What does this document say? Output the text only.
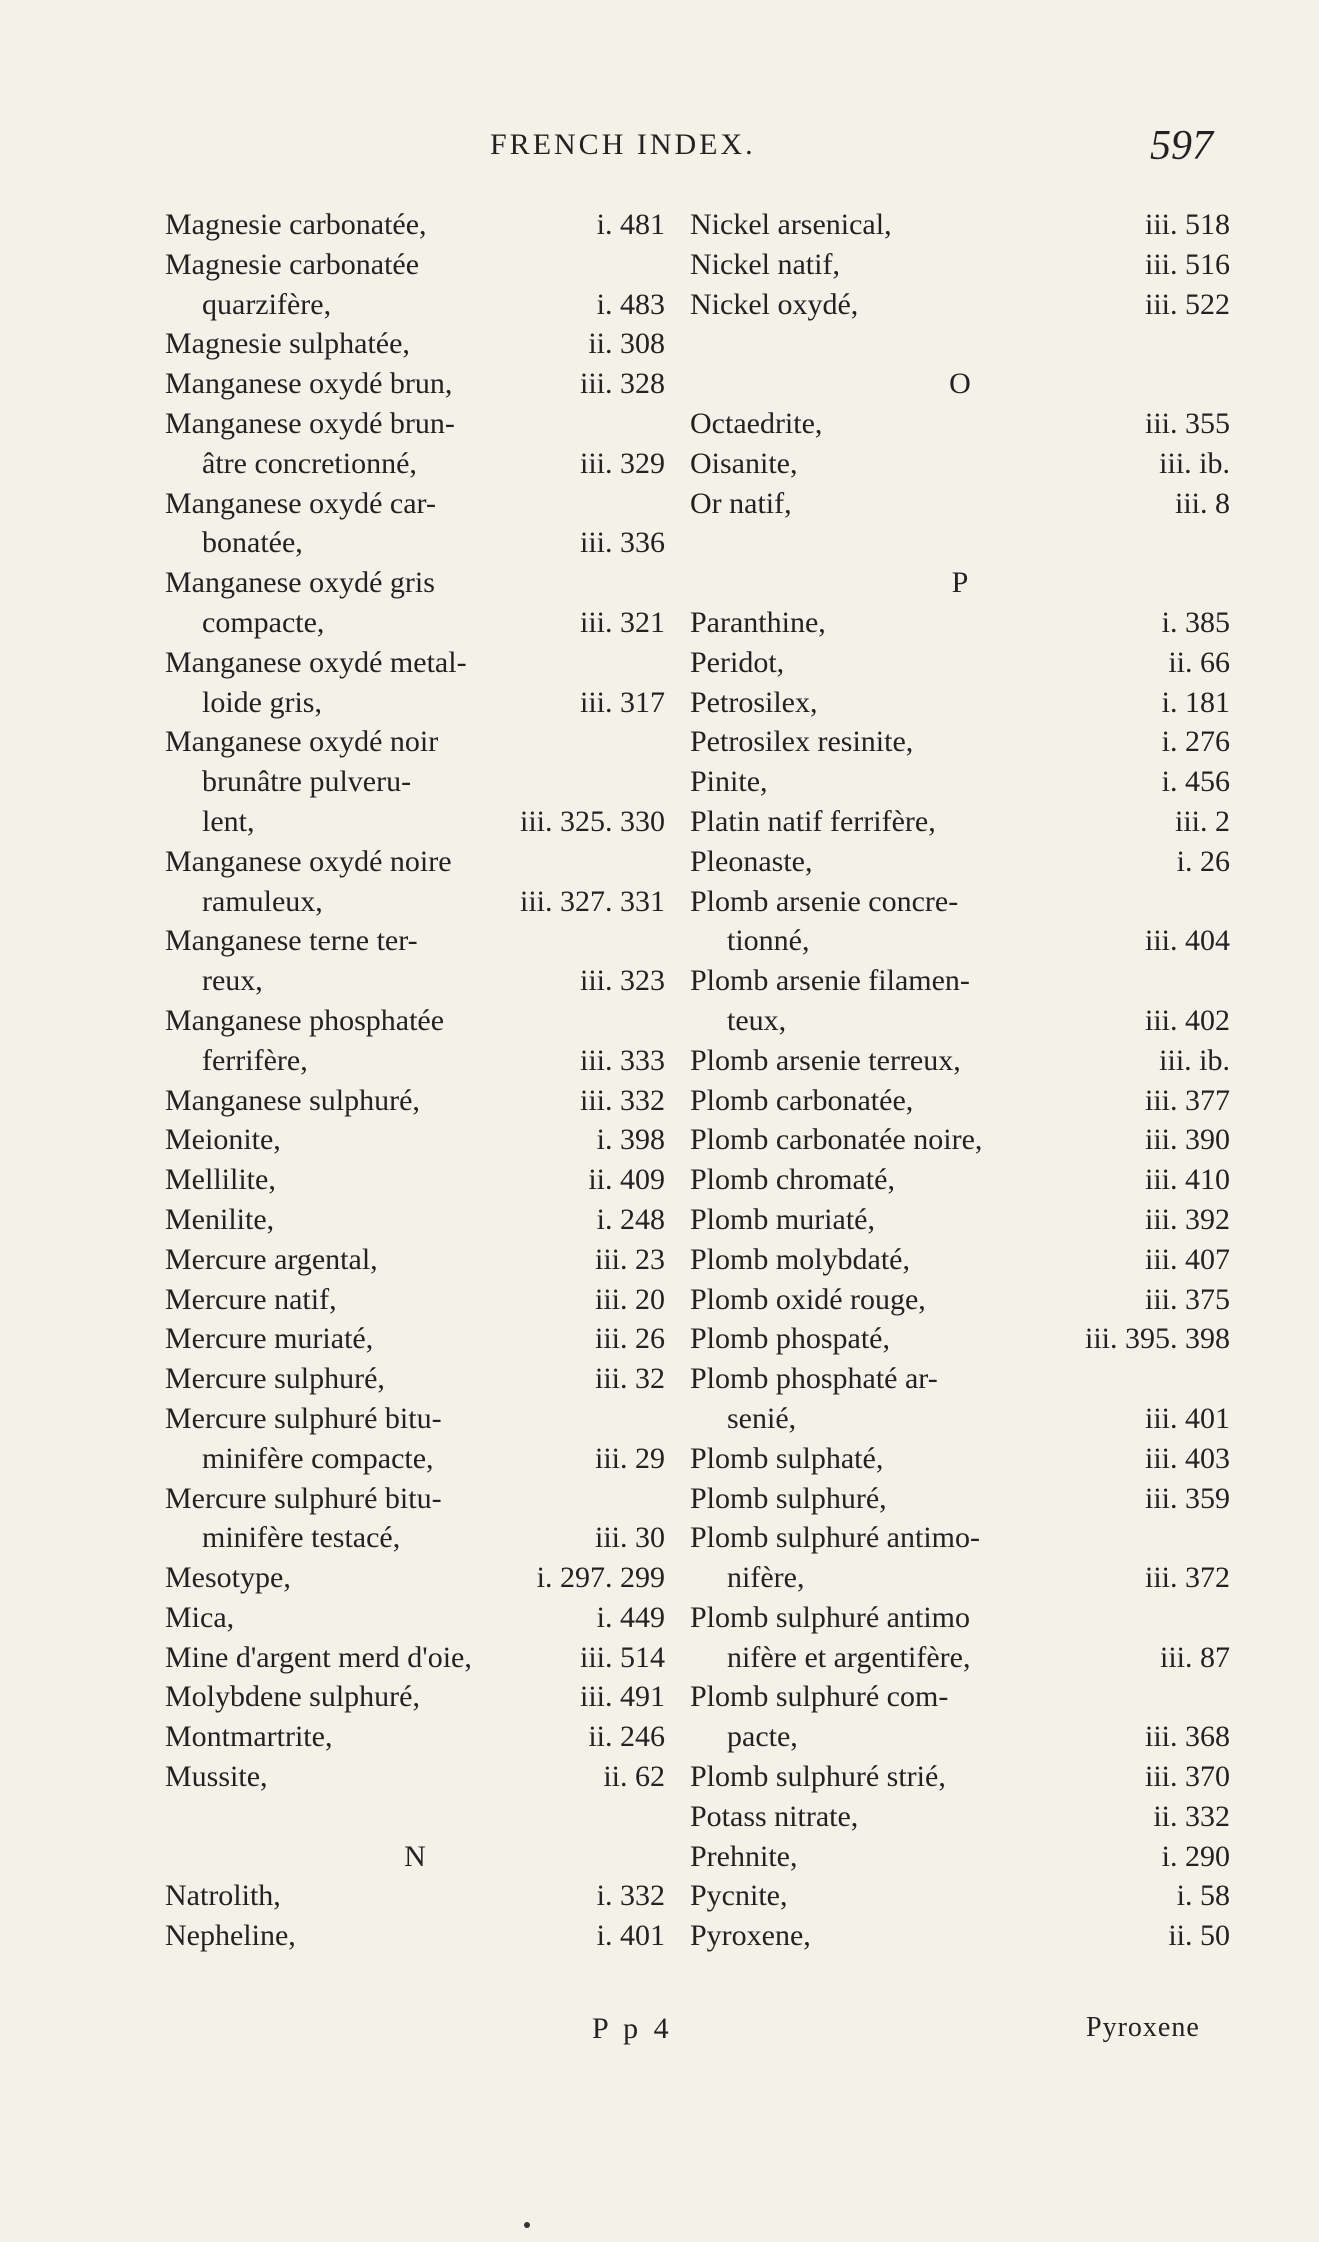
FRENCH INDEX.	597
Magnesie carbonatée,	i. 481
Magnesie carbonatée
quarzifère,	i. 483
Magnesie sulphatée,	ii. 308
Manganese oxydé brun,	iii. 328
Manganese oxydé brun-
âtre concretionné,	iii. 329
Manganese oxydé car-
bonatée,	iii. 336
Manganese oxydé gris
compacte,	iii. 321
Manganese oxydé metal-
loide gris,	iii. 317
Manganese oxydé noir
brunâtre pulveru-
lent,	iii. 325. 330
Manganese oxydé noire
ramuleux,	iii. 327. 331
Manganese terne ter-
reux,	iii. 323
Manganese phosphatée
ferrifère,	iii. 333
Manganese sulphuré,	iii. 332
Meionite,	i. 398
Mellilite,	ii. 409
Menilite,	i. 248
Mercure argental,	iii. 23
Mercure natif,	iii. 20
Mercure muriaté,	iii. 26
Mercure sulphuré,	iii. 32
Mercure sulphuré bitu-
minifère compacte,	iii. 29
Mercure sulphuré bitu-
minifère testacé,	iii. 30
Mesotype,	i. 297. 299
Mica,	i. 449
Mine d'argent merd d'oie,	iii. 514
Molybdene sulphuré,	iii. 491
Montmartrite,	ii. 246
Mussite,	ii. 62
N
Natrolith,	i. 332
Nepheline,	i. 401
Nickel arsenical,	iii. 518
Nickel natif,	iii. 516
Nickel oxydé,	iii. 522
O
Octaedrite,	iii. 355
Oisanite,	iii. ib.
Or natif,	iii. 8
P
Paranthine,	i. 385
Peridot,	ii. 66
Petrosilex,	i. 181
Petrosilex resinite,	i. 276
Pinite,	i. 456
Platin natif ferrifère,	iii. 2
Pleonaste,	i. 26
Plomb arsenie concre-
tionné,	iii. 404
Plomb arsenie filamen-
teux,	iii. 402
Plomb arsenie terreux,	iii. ib.
Plomb carbonatée,	iii. 377
Plomb carbonatée noire,	iii. 390
Plomb chromaté,	iii. 410
Plomb muriaté,	iii. 392
Plomb molybdaté,	iii. 407
Plomb oxidé rouge,	iii. 375
Plomb phospaté,	iii. 395. 398
Plomb phosphaté ar-
senié,	iii. 401
Plomb sulphaté,	iii. 403
Plomb sulphuré,	iii. 359
Plomb sulphuré antimo-
nifère,	iii. 372
Plomb sulphuré antimo
nifère et argentifère,	iii. 87
Plomb sulphuré com-
pacte,	iii. 368
Plomb sulphuré strié,	iii. 370
Potass nitrate,	ii. 332
Prehnite,	i. 290
Pycnite,	i. 58
Pyroxene,	ii. 50
P p 4	Pyroxene
